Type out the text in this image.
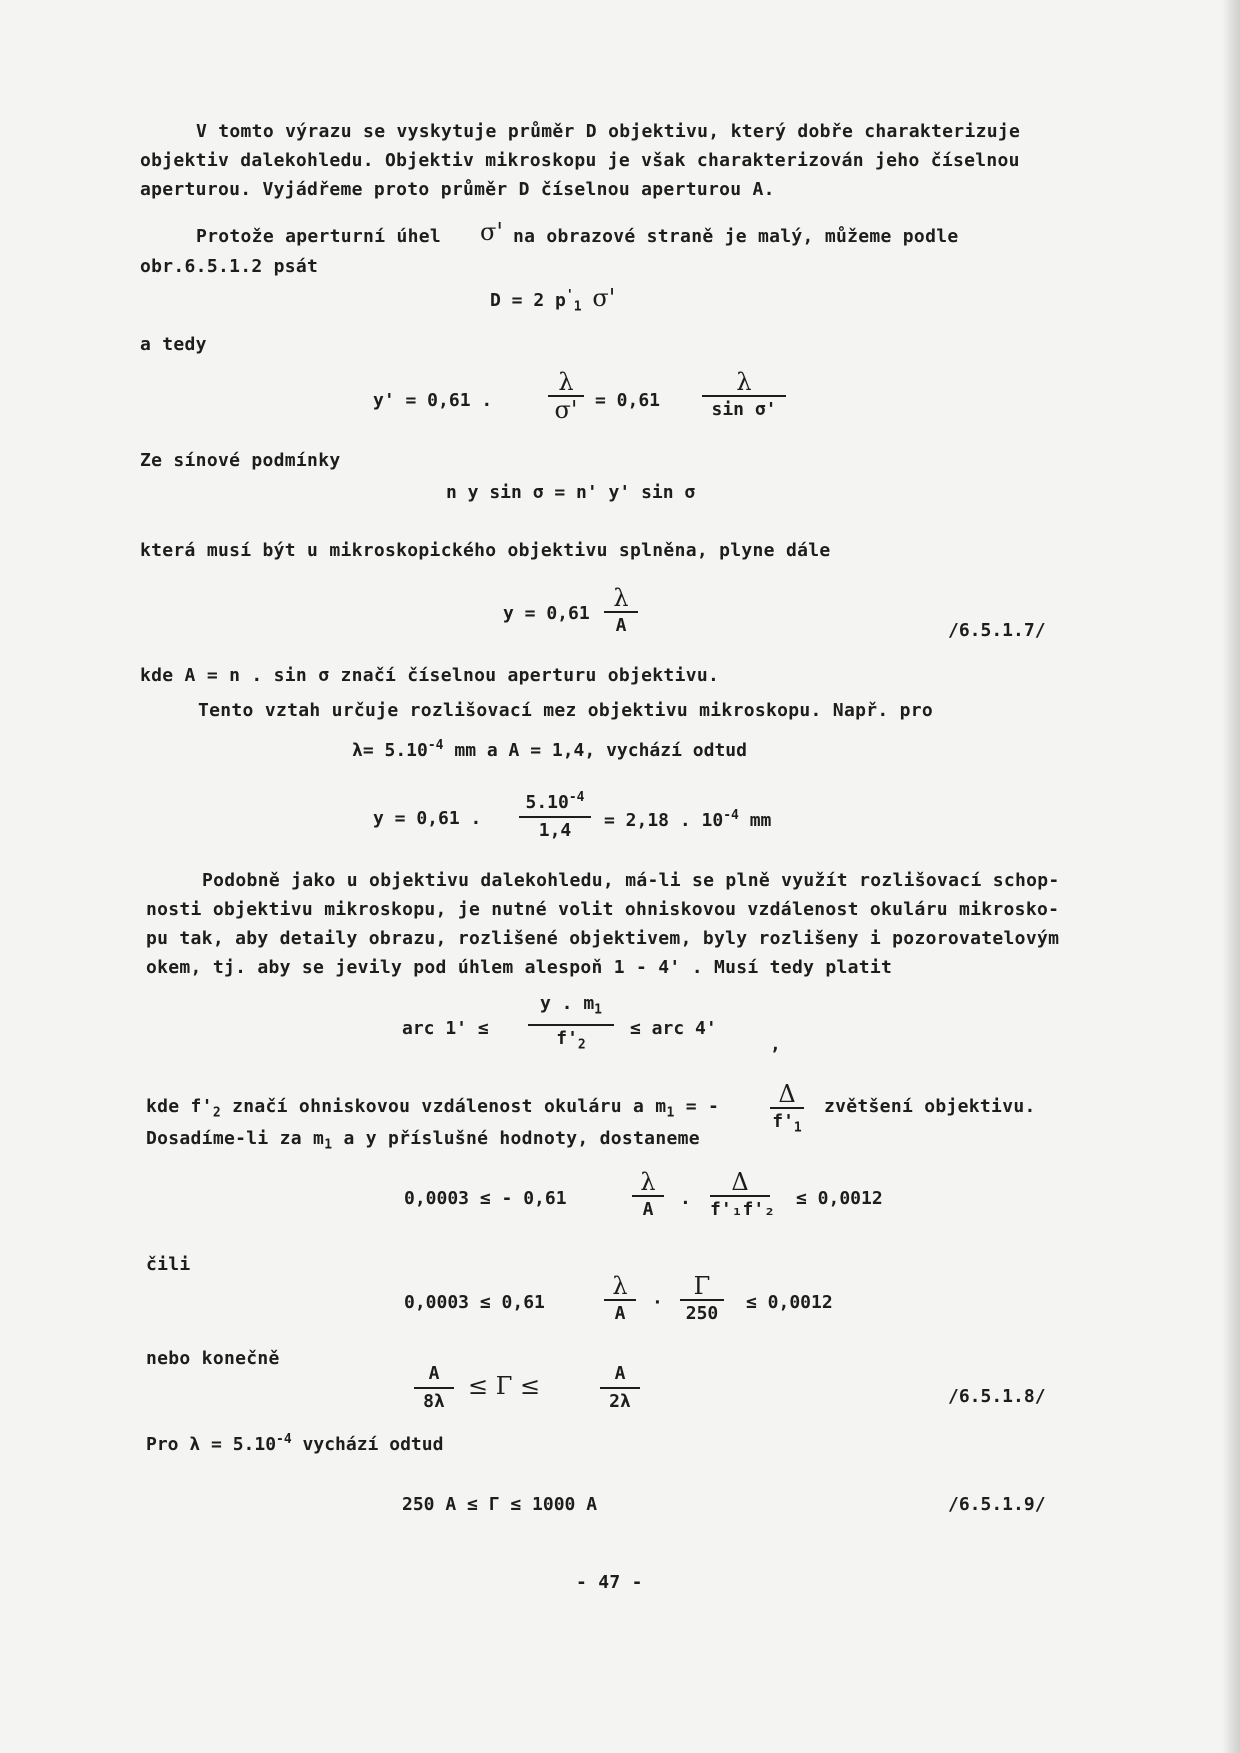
V tomto výrazu se vyskytuje průměr D objektivu, který dobře charakterizuje
objektiv dalekohledu. Objektiv mikroskopu je však charakterizován jeho číselnou
aperturou. Vyjádřeme proto průměr D číselnou aperturou A.
Protože aperturní úhel σ' na obrazové straně je malý, můžeme podle
obr.6.5.1.2 psát
D = 2 $p'_1$ σ'
a tedy
y' = 0,61 .
λ
σ' = 0,61
λ
sin σ'
Ze sínové podmínky
n y sin σ = n' y' sin σ
která musí být u mikroskopického objektivu splněna, plyne dále
y = 0,61
λ
A	/6.5.1.7/
kde A = n . sin σ značí číselnou aperturu objektivu.
Tento vztah určuje rozlišovací mez objektivu mikroskopu. Např. pro
$\lambda= 5.10^{-4}$ mm a A = 1,4, vychází odtud
y = 0,61 .
$5.10^{-4}$
1,4	= 2,18 . $10^{-4}$ mm
Podobně jako u objektivu dalekohledu, má-li se plně využít rozlišovací schop-
nosti objektivu mikroskopu, je nutné volit ohniskovou vzdálenost okuláru mikrosko-
pu tak, aby detaily obrazu, rozlišené objektivem, byly rozlišeny i pozorovatelovým
okem, tj. aby se jevily pod úhlem alespoň 1 - 4' . Musí tedy platit
arc 1' ≤
y . $m_1$
$f'_2$
≤ arc 4'
,
kde $f'_2$ značí ohniskovou vzdálenost okuláru a $m_1$ = -	Δ
$f'_1$
zvětšení objektivu.
Dosadíme-li za $m_1$ a y příslušné hodnoty, dostaneme
0,0003 ≤ - 0,61
λ
A
.
Δ
f'₁f'₂
≤ 0,0012
čili
0,0003 ≤ 0,61
λ
A
·
Γ
250
≤ 0,0012
nebo konečně
A
8λ
≤ Γ ≤	A
2λ	/6.5.1.8/
Pro $\lambda = 5.10^{-4}$ vychází odtud
250 A ≤ Γ ≤ 1000 A	/6.5.1.9/
- 47 -
